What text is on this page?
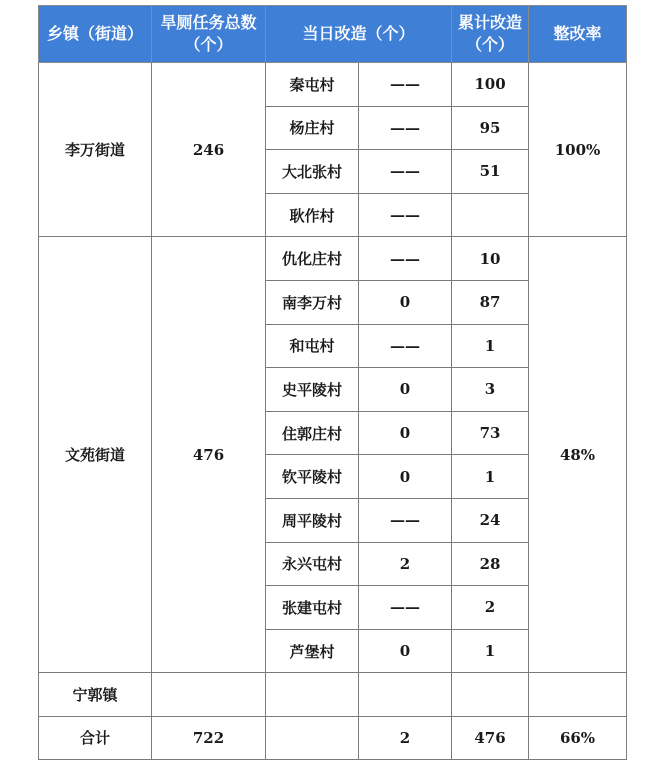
乡镇（街道）	旱厕任务总数
（个）	当日改造（个）		累计改造
（个）	整改率
李万街道	246	秦屯村	——	100	100%
		杨庄村	——	95	
		大北张村	——	51	
		耿作村	——		
文苑街道	476	仇化庄村	——	10	48%
		南李万村	0	87	
		和屯村	——	1	
		史平陵村	0	3	
		住郭庄村	0	73	
		钦平陵村	0	1	
		周平陵村	——	24	
		永兴屯村	2	28	
		张建屯村	——	2	
		芦堡村	0	1	
宁郭镇					
合计	722		2	476	66%
